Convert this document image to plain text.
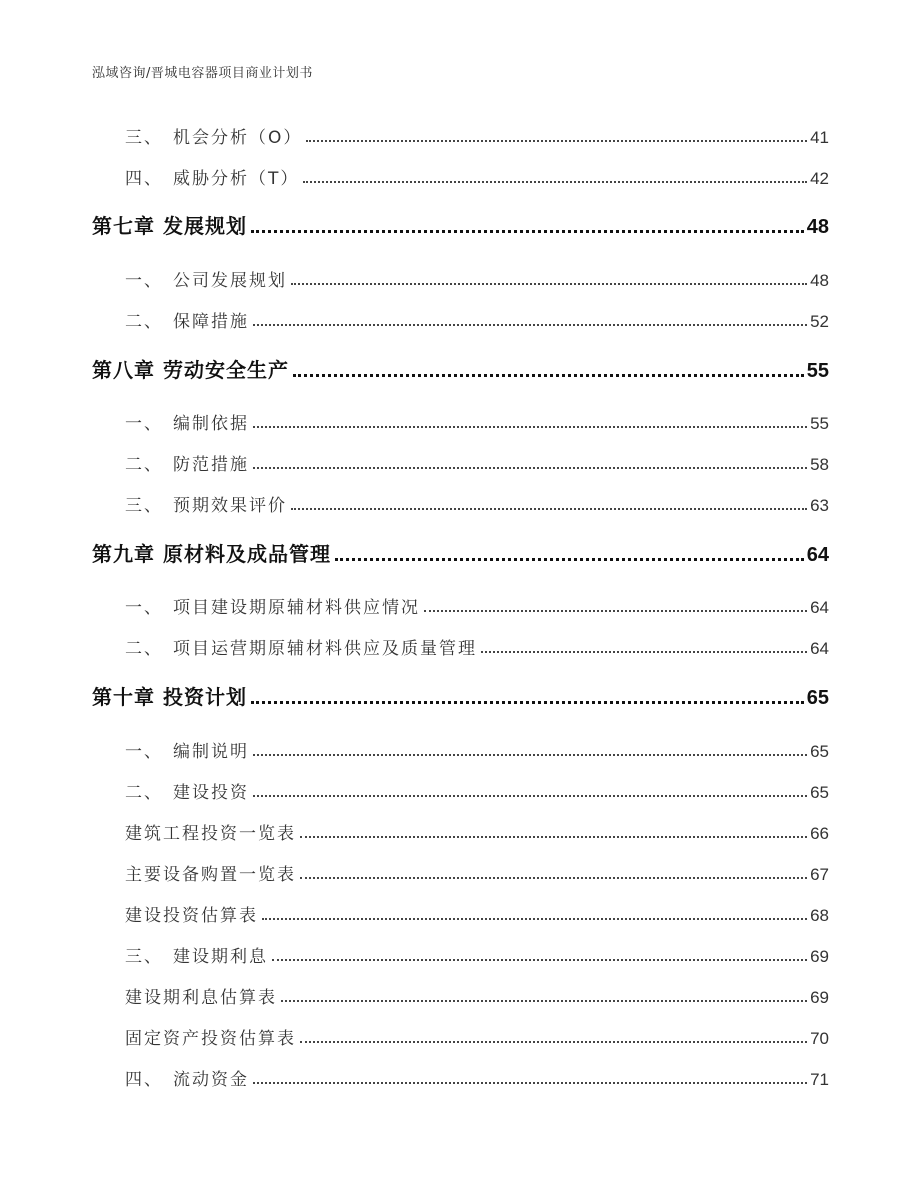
泓域咨询/晋城电容器项目商业计划书
三、 机会分析（O）	41
四、 威胁分析（T）	42
第七章 发展规划	48
一、 公司发展规划	48
二、 保障措施	52
第八章 劳动安全生产	55
一、 编制依据	55
二、 防范措施	58
三、 预期效果评价	63
第九章 原材料及成品管理	64
一、 项目建设期原辅材料供应情况	64
二、 项目运营期原辅材料供应及质量管理	64
第十章 投资计划	65
一、 编制说明	65
二、 建设投资	65
建筑工程投资一览表	66
主要设备购置一览表	67
建设投资估算表	68
三、 建设期利息	69
建设期利息估算表	69
固定资产投资估算表	70
四、 流动资金	71
